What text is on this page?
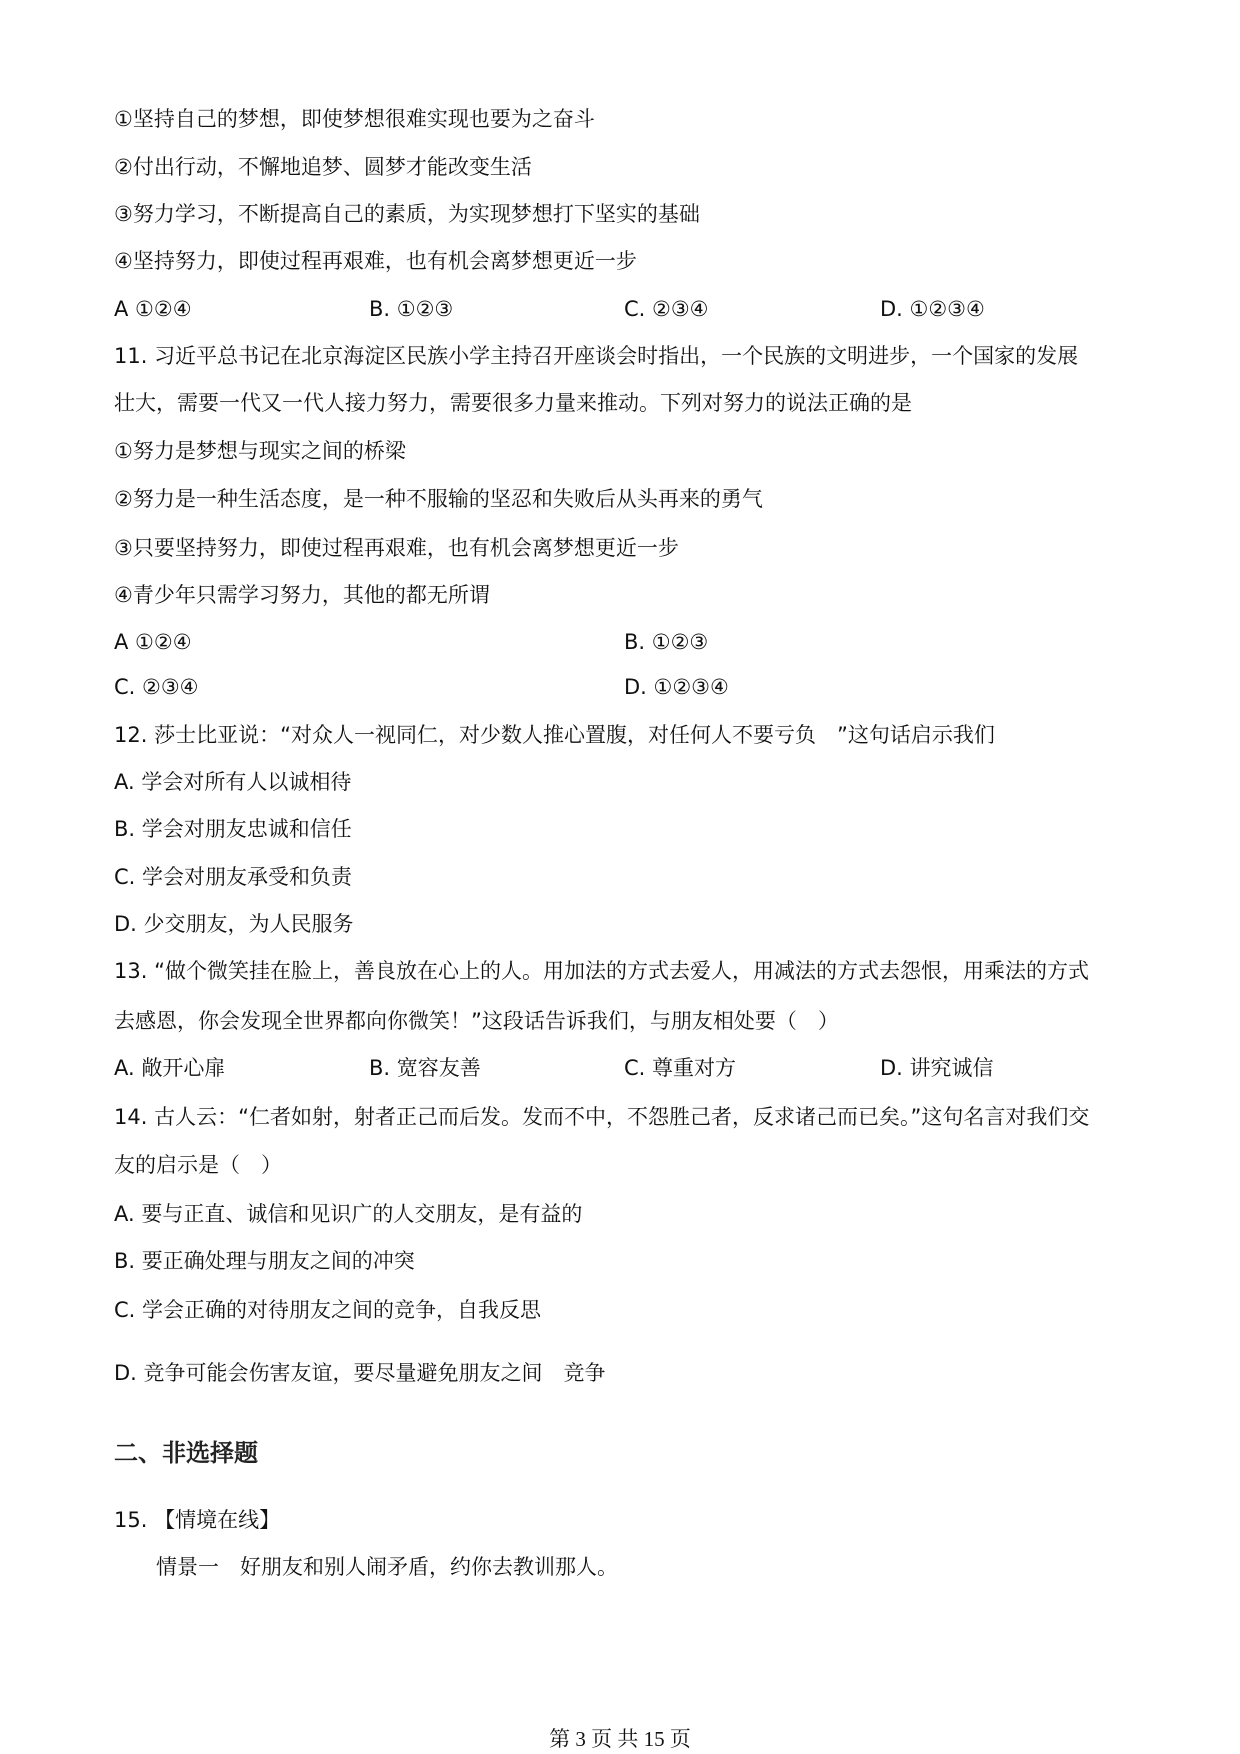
①坚持自己的梦想，即使梦想很难实现也要为之奋斗
②付出行动，不懈地追梦、圆梦才能改变生活
③努力学习，不断提高自己的素质，为实现梦想打下坚实的基础
④坚持努力，即使过程再艰难，也有机会离梦想更近一步
A ①②④	B. ①②③	C. ②③④	D. ①②③④
11. 习近平总书记在北京海淀区民族小学主持召开座谈会时指出，一个民族的文明进步，一个国家的发展
壮大，需要一代又一代人接力努力，需要很多力量来推动。下列对努力的说法正确的是
①努力是梦想与现实之间的桥梁
②努力是一种生活态度，是一种不服输的坚忍和失败后从头再来的勇气
③只要坚持努力，即使过程再艰难，也有机会离梦想更近一步
④青少年只需学习努力，其他的都无所谓
A ①②④	B. ①②③
C. ②③④	D. ①②③④
12. 莎士比亚说：“对众人一视同仁，对少数人推心置腹，对任何人不要亏负　”这句话启示我们
A. 学会对所有人以诚相待
B. 学会对朋友忠诚和信任
C. 学会对朋友承受和负责
D. 少交朋友，为人民服务
13. “做个微笑挂在脸上，善良放在心上的人。用加法的方式去爱人，用减法的方式去怨恨，用乘法的方式
去感恩，你会发现全世界都向你微笑！”这段话告诉我们，与朋友相处要（　）
A. 敞开心扉	B. 宽容友善	C. 尊重对方	D. 讲究诚信
14. 古人云：“仁者如射，射者正己而后发。发而不中，不怨胜己者，反求诸己而已矣。”这句名言对我们交
友的启示是（　）
A. 要与正直、诚信和见识广的人交朋友，是有益的
B. 要正确处理与朋友之间的冲突
C. 学会正确的对待朋友之间的竞争，自我反思
D. 竞争可能会伤害友谊，要尽量避免朋友之间　竞争
二、非选择题
15. 【情境在线】
情景一　好朋友和别人闹矛盾，约你去教训那人。
第 3 页 共 15 页
